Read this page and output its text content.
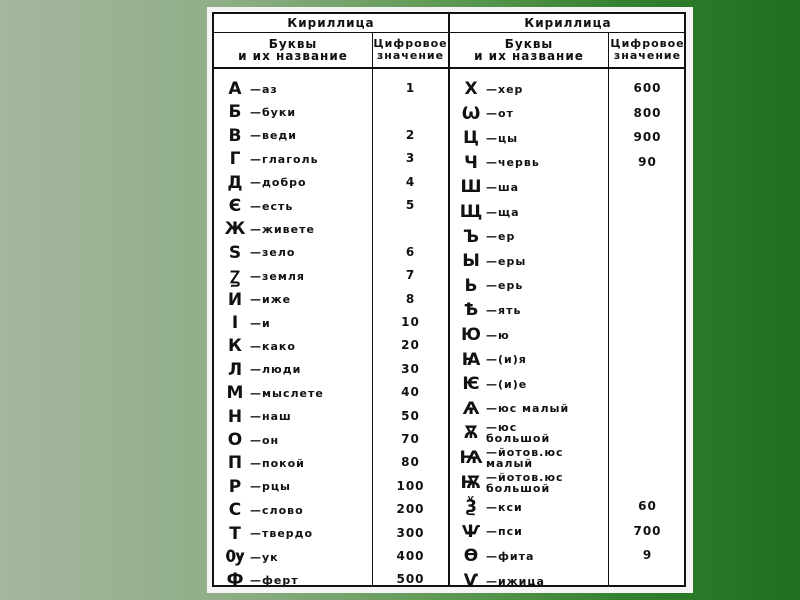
Кириллица	Кириллица
Буквы
и их название
Цифровое
значение
Буквы
и их название
Цифровое
значение
А —аз	1
Б —буки
В —веди	2
Г —глаголь	3
Д —добро	4
Є —есть	5
Ж —живете
Ѕ —зело	6
Ꙁ —земля	7
И —иже	8
І	—и	10
К —како	20
Л —люди	30
М —мыслете	40
Н —наш	50
О —он	70
П —покой	80
Р —рцы	100
С —слово	200
Т —твердо	300
Ѹ —ук	400
Ф —ферт	500
Х —хер	600
Ѡ —от	800
Ц —цы	900
Ч —червь	90
Ш —ша
Щ —ща
Ъ —ер
Ы —еры
Ь —ерь
Ѣ —ять
Ю —ю
Ꙗ —(и)я
Ѥ —(и)е
Ѧ —юс малый
Ѫ —юс
большой
Ѩ —йотов.юс
малый
Ѭ —йотов.юс
большой
Ѯ —кси	60
Ѱ —пси	700
Ѳ —фита	9
Ѵ —ижица
